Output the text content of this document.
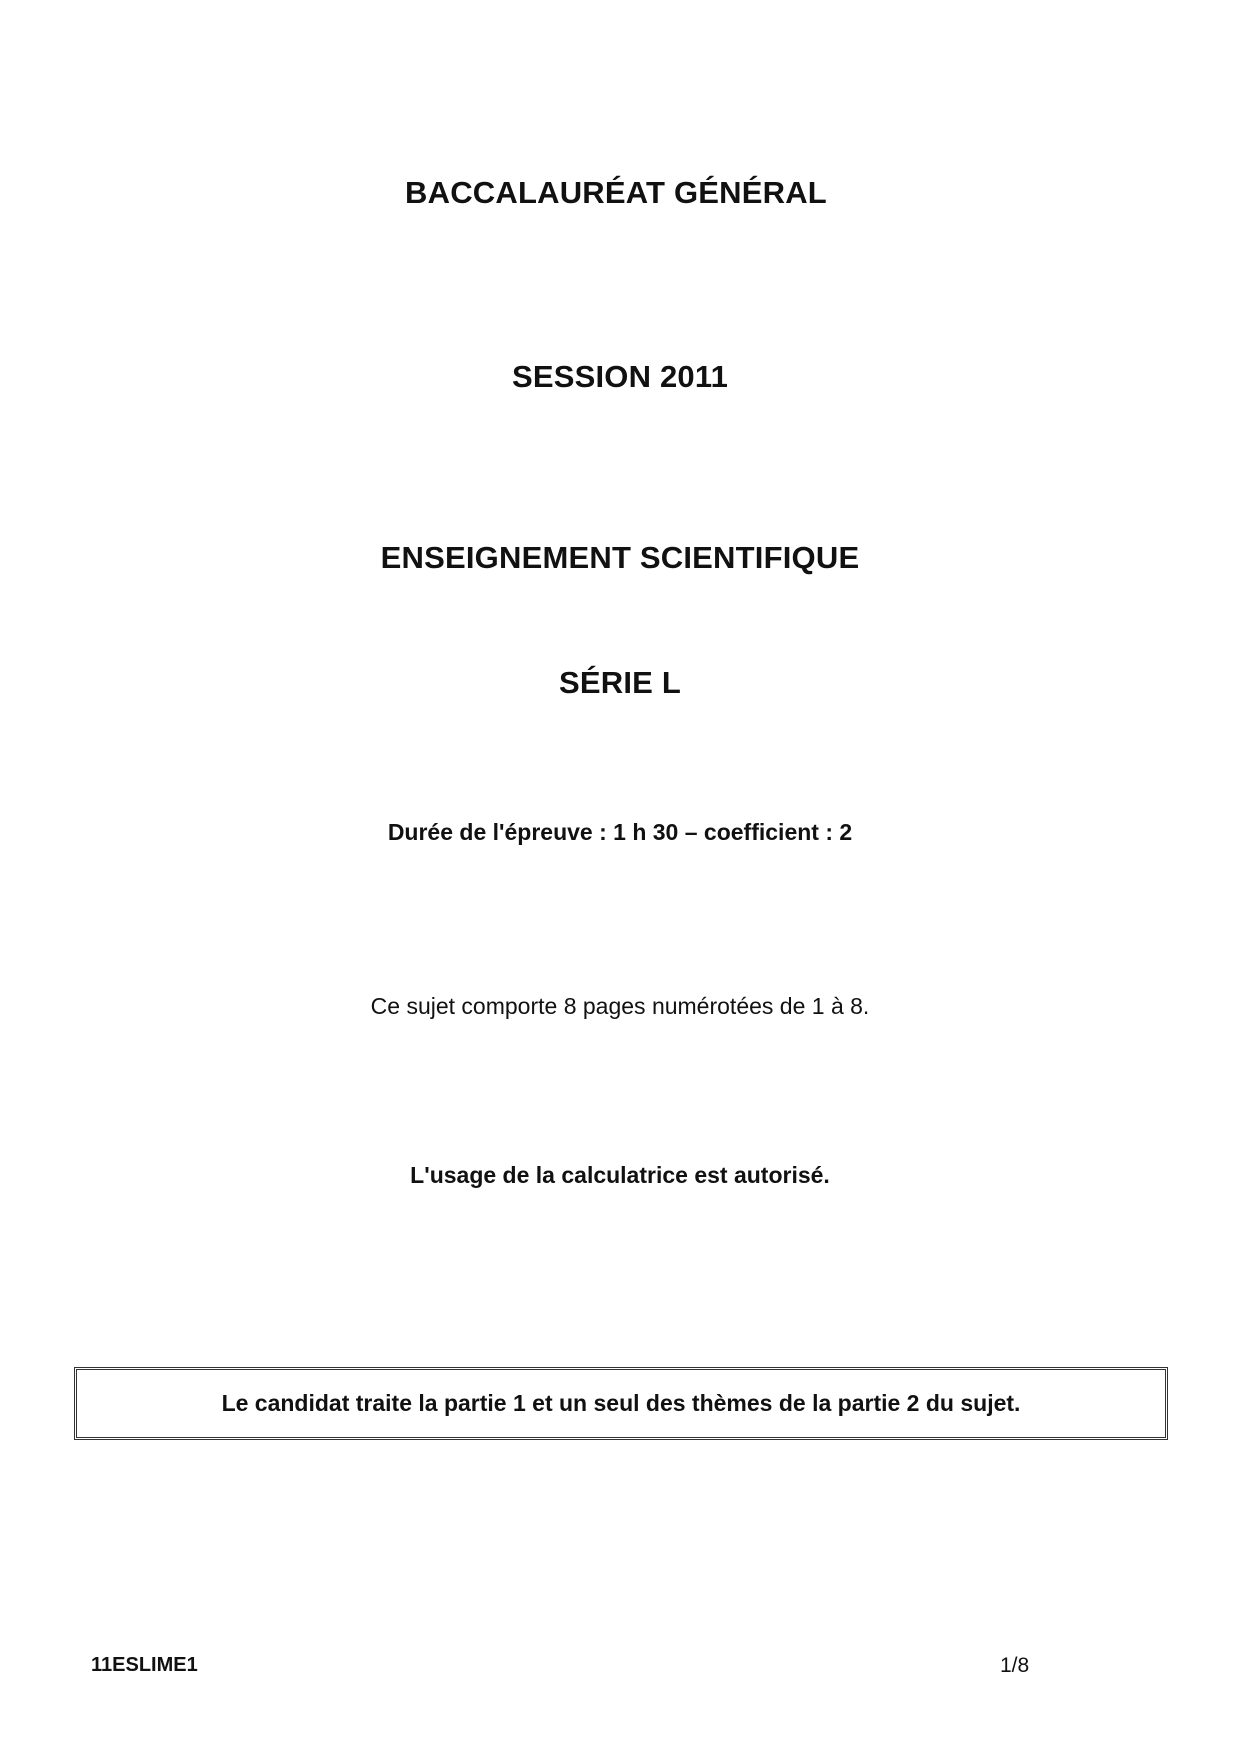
BACCALAURÉAT GÉNÉRAL
SESSION 2011
ENSEIGNEMENT SCIENTIFIQUE
SÉRIE L
Durée de l'épreuve : 1 h 30 – coefficient : 2
Ce sujet comporte 8 pages numérotées de 1 à 8.
L'usage de la calculatrice est autorisé.
Le candidat traite la partie 1 et un seul des thèmes de la partie 2 du sujet.
11ESLIME1	1/8
